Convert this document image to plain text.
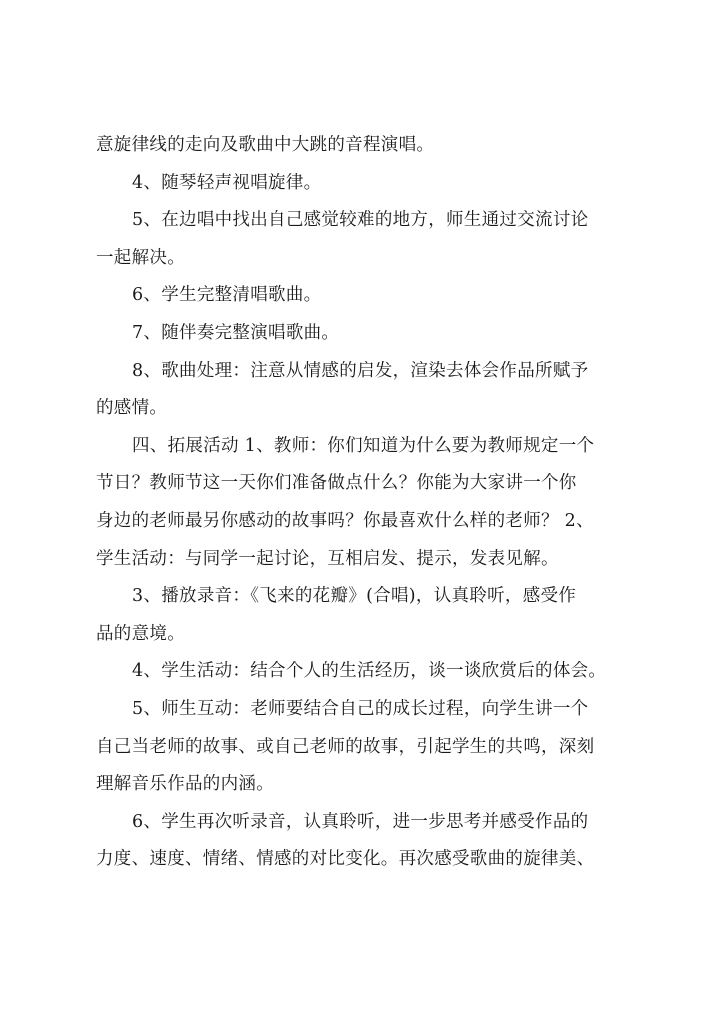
意旋律线的走向及歌曲中大跳的音程演唱。
4、随琴轻声视唱旋律。
5、在边唱中找出自己感觉较难的地方，师生通过交流讨论
一起解决。
6、学生完整清唱歌曲。
7、随伴奏完整演唱歌曲。
8、歌曲处理：注意从情感的启发，渲染去体会作品所赋予
的感情。
四、拓展活动 1、教师：你们知道为什么要为教师规定一个
节日？教师节这一天你们准备做点什么？你能为大家讲一个你
身边的老师最另你感动的故事吗？你最喜欢什么样的老师？ 2、
学生活动：与同学一起讨论，互相启发、提示，发表见解。
3、播放录音：《飞来的花瓣》(合唱)，认真聆听，感受作
品的意境。
4、学生活动：结合个人的生活经历，谈一谈欣赏后的体会。
5、师生互动：老师要结合自己的成长过程，向学生讲一个
自己当老师的故事、或自己老师的故事，引起学生的共鸣，深刻
理解音乐作品的内涵。
6、学生再次听录音，认真聆听，进一步思考并感受作品的
力度、速度、情绪、情感的对比变化。再次感受歌曲的旋律美、
